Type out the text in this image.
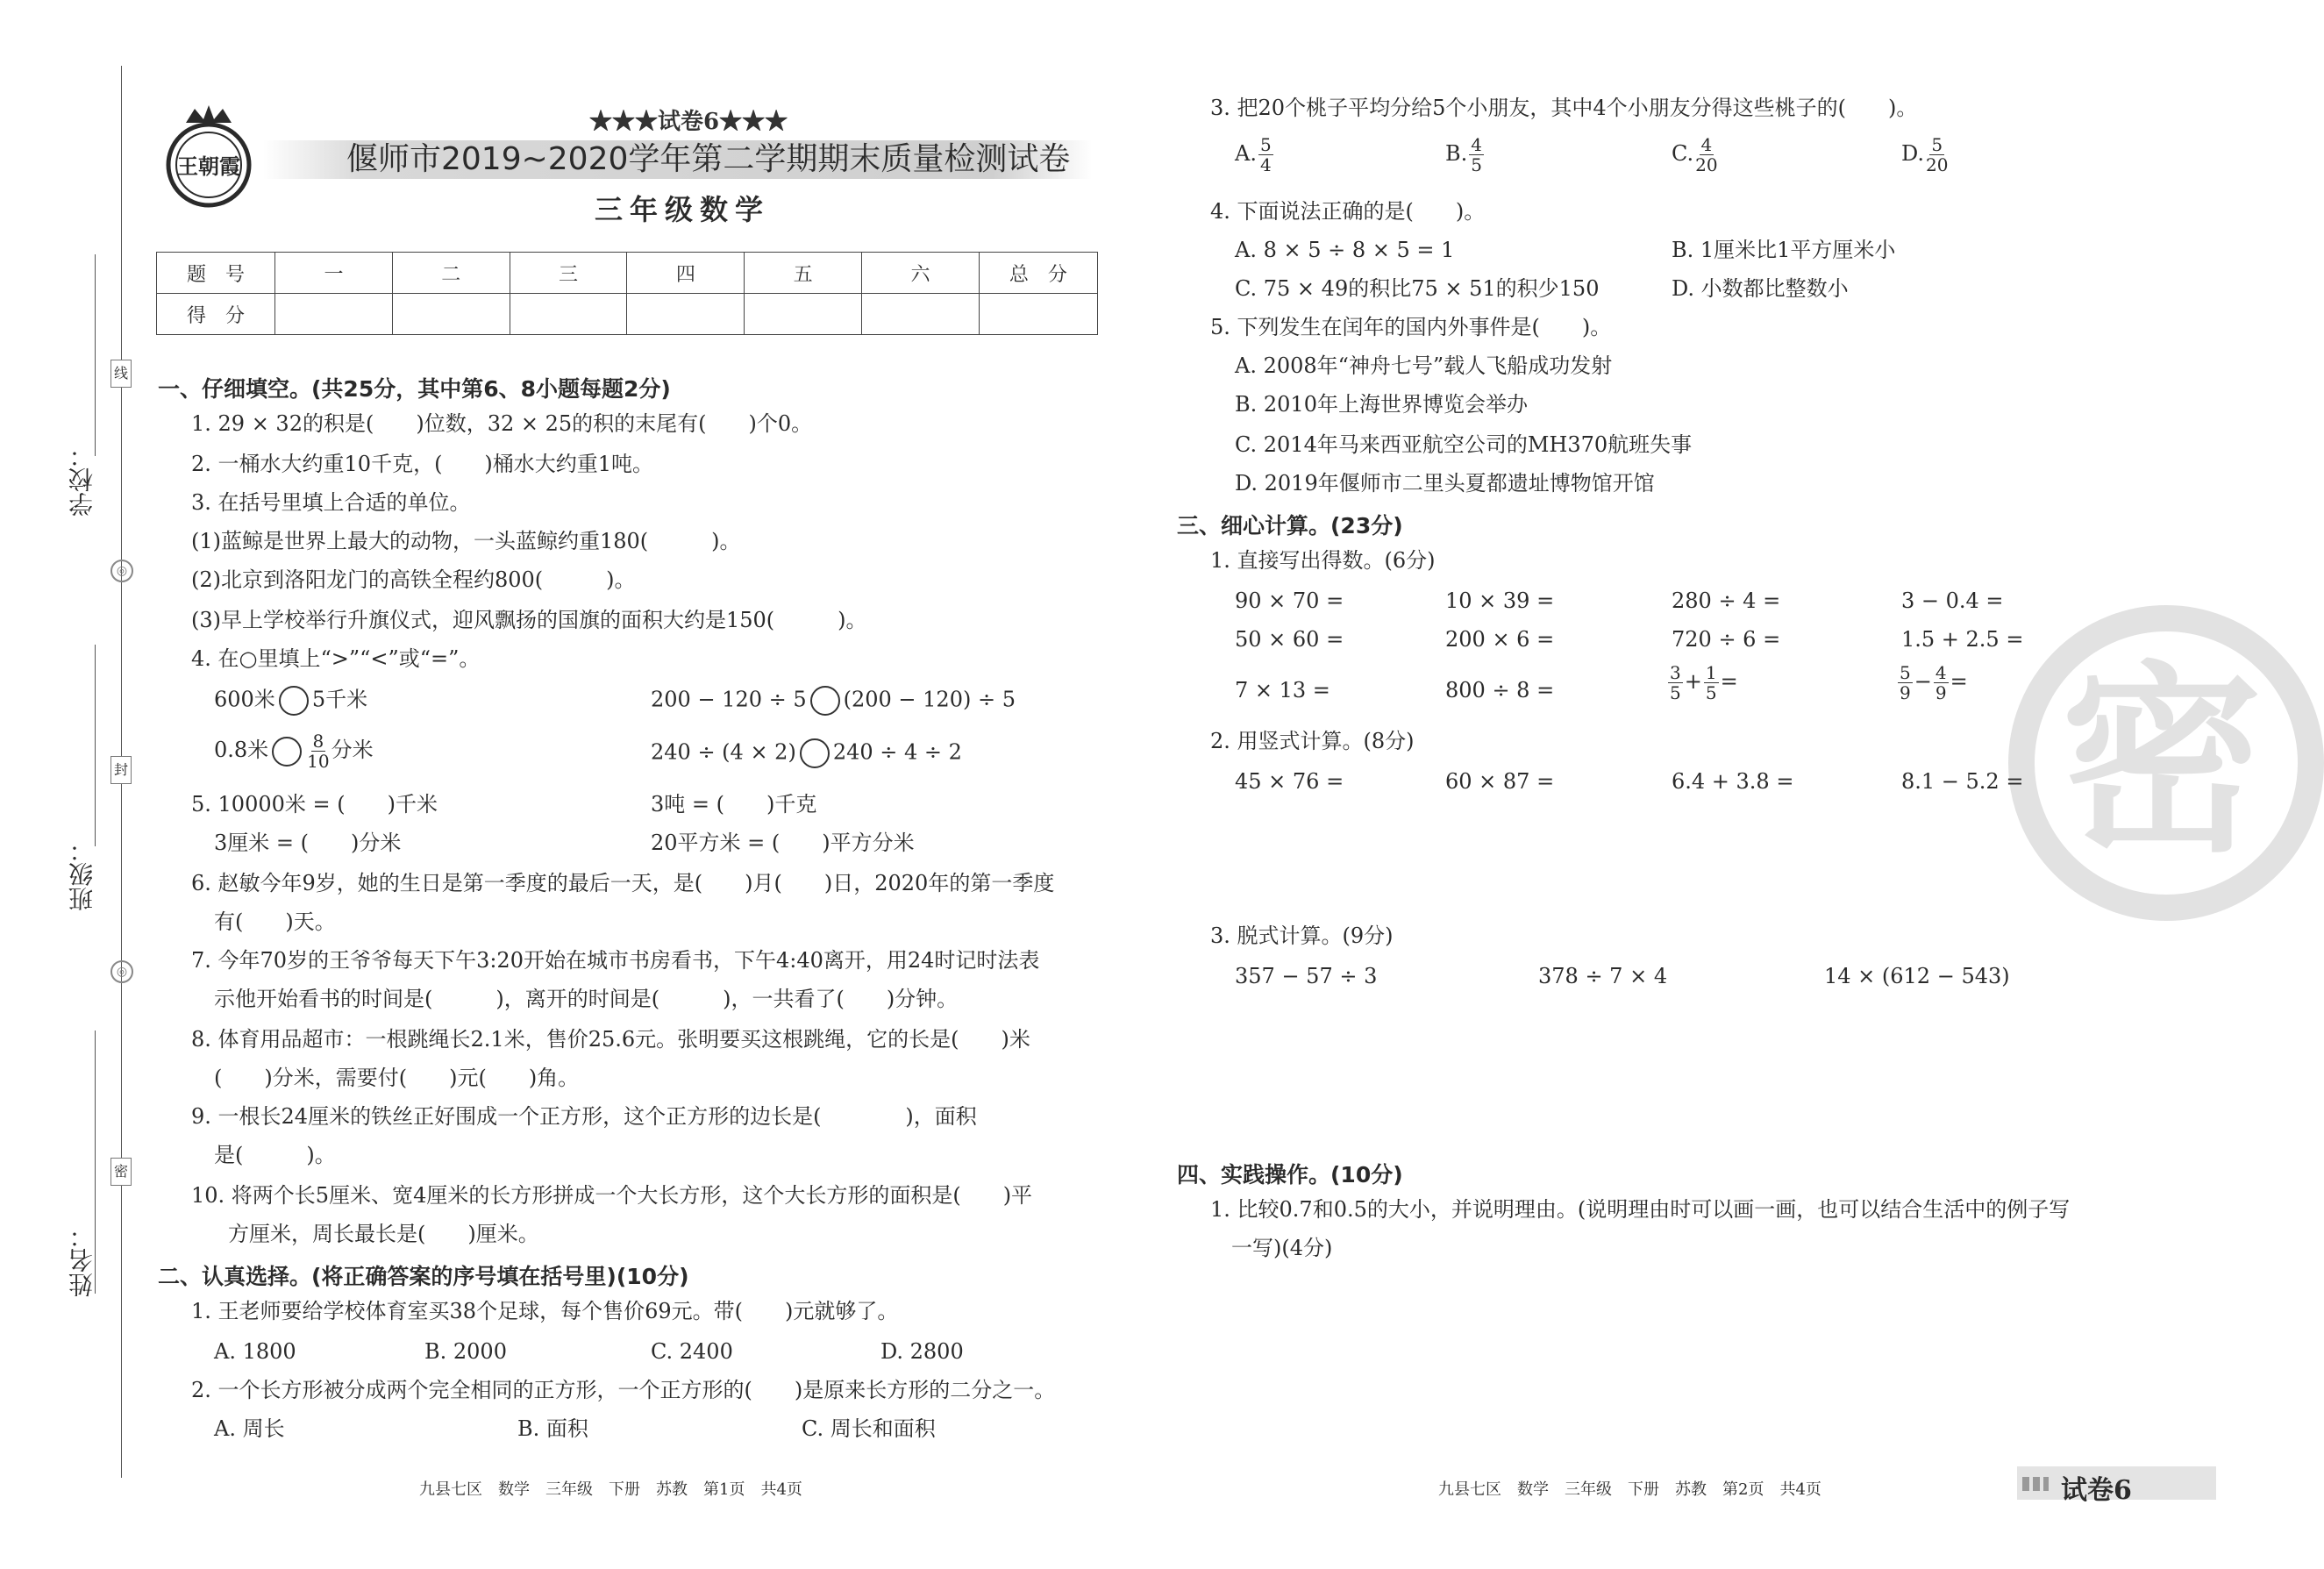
学校：
班级：
姓名：
线
封
密
◎
◎
王朝霞
★★★试卷6★★★
偃师市2019~2020学年第二学期期末质量检测试卷
三年级数学
题　号	一	二	三	四	五	六	总　分
得　分							
一、仔细填空。(共25分，其中第6、8小题每题2分)
1. 29 × 32的积是(　　)位数，32 × 25的积的末尾有(　　)个0。
2. 一桶水大约重10千克，(　　)桶水大约重1吨。
3. 在括号里填上合适的单位。
(1)蓝鲸是世界上最大的动物，一头蓝鲸约重180(　　　)。
(2)北京到洛阳龙门的高铁全程约800(　　　)。
(3)早上学校举行升旗仪式，迎风飘扬的国旗的面积大约是150(　　　)。
4. 在○里填上“>”“<”或“=”。
600米 5千米	200 − 120 ÷ 5 (200 − 120) ÷ 5
0.8米 $\frac{8}{10}$ 分米	240 ÷ (4 × 2) 240 ÷ 4 ÷ 2
5. 10000米 = (　　)千米	3吨 = (　　)千克
3厘米 = (　　)分米	20平方米 = (　　)平方分米
6. 赵敏今年9岁，她的生日是第一季度的最后一天，是(　　)月(　　)日，2020年的第一季度
有(　　)天。
7. 今年70岁的王爷爷每天下午3:20开始在城市书房看书，下午4:40离开，用24时记时法表
示他开始看书的时间是(　　　)，离开的时间是(　　　)，一共看了(　　)分钟。
8. 体育用品超市：一根跳绳长2.1米，售价25.6元。张明要买这根跳绳，它的长是(　　)米
(　　)分米，需要付(　　)元(　　)角。
9. 一根长24厘米的铁丝正好围成一个正方形，这个正方形的边长是(　　　　)，面积
是(　　　)。
10. 将两个长5厘米、宽4厘米的长方形拼成一个大长方形，这个大长方形的面积是(　　)平
方厘米，周长最长是(　　)厘米。
二、认真选择。(将正确答案的序号填在括号里)(10分)
1. 王老师要给学校体育室买38个足球，每个售价69元。带(　　)元就够了。
A. 1800	B. 2000	C. 2400	D. 2800
2. 一个长方形被分成两个完全相同的正方形，一个正方形的(　　)是原来长方形的二分之一。
A. 周长	B. 面积	C. 周长和面积
九县七区　数学　三年级　下册　苏教　第1页　共4页
3. 把20个桃子平均分给5个小朋友，其中4个小朋友分得这些桃子的(　　)。
A. $\frac{5}{4}$	B. $\frac{4}{5}$	C. $\frac{4}{20}$	D. $\frac{5}{20}$
4. 下面说法正确的是(　　)。
A. 8 × 5 ÷ 8 × 5 = 1	B. 1厘米比1平方厘米小
C. 75 × 49的积比75 × 51的积少150	D. 小数都比整数小
5. 下列发生在闰年的国内外事件是(　　)。
A. 2008年“神舟七号”载人飞船成功发射
B. 2010年上海世界博览会举办
C. 2014年马来西亚航空公司的MH370航班失事
D. 2019年偃师市二里头夏都遗址博物馆开馆
密
三、细心计算。(23分)
1. 直接写出得数。(6分)
90 × 70 =	10 × 39 =	280 ÷ 4 =	3 − 0.4 =
50 × 60 =	200 × 6 =	720 ÷ 6 =	1.5 + 2.5 =
7 × 13 =	800 ÷ 8 =	$\frac{3}{5} + \frac{1}{5}$ =	$\frac{5}{9} - \frac{4}{9}$ =
2. 用竖式计算。(8分)
45 × 76 =	60 × 87 =	6.4 + 3.8 =	8.1 − 5.2 =
3. 脱式计算。(9分)
357 − 57 ÷ 3	378 ÷ 7 × 4	14 × (612 − 543)
四、实践操作。(10分)
1. 比较0.7和0.5的大小，并说明理由。(说明理由时可以画一画，也可以结合生活中的例子写
一写)(4分)
九县七区　数学　三年级　下册　苏教　第2页　共4页	试卷6
